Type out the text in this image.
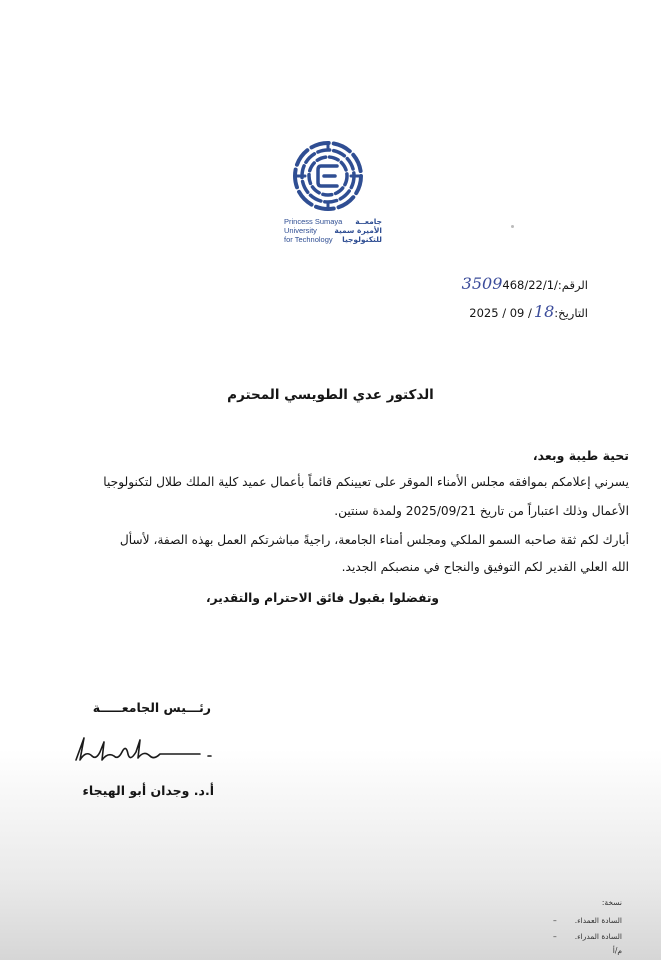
Princess Sumaya
University
for Technology
جامعــة
الأميرة سمية
للتكنولوجيا
الرقم:
3509 468/22/1/
التاريخ:
2025 / 09 / 18
الدكتور عدي الطويسي المحترم
تحية طيبة وبعد،
يسرني إعلامكم بموافقه مجلس الأمناء الموقر على تعيينكم قائماً بأعمال عميد كلية الملك طلال لتكنولوجيا
الأعمال وذلك اعتباراً من تاريخ 2025/09/21 ولمدة سنتين.
أبارك لكم ثقة صاحبه السمو الملكي ومجلس أمناء الجامعة، راجيةً مباشرتكم العمل بهذه الصفة، لأسأل
الله العلي القدير لكم التوفيق والنجاح في منصبكم الجديد.
وتفضلوا بقبول فائق الاحترام والتقدير،
رئـــيس الجامعـــــة
أ.د. وجدان أبو الهيجاء
نسخة:
السادة العمداء.
–
السادة المدراء.
–
م/أ
